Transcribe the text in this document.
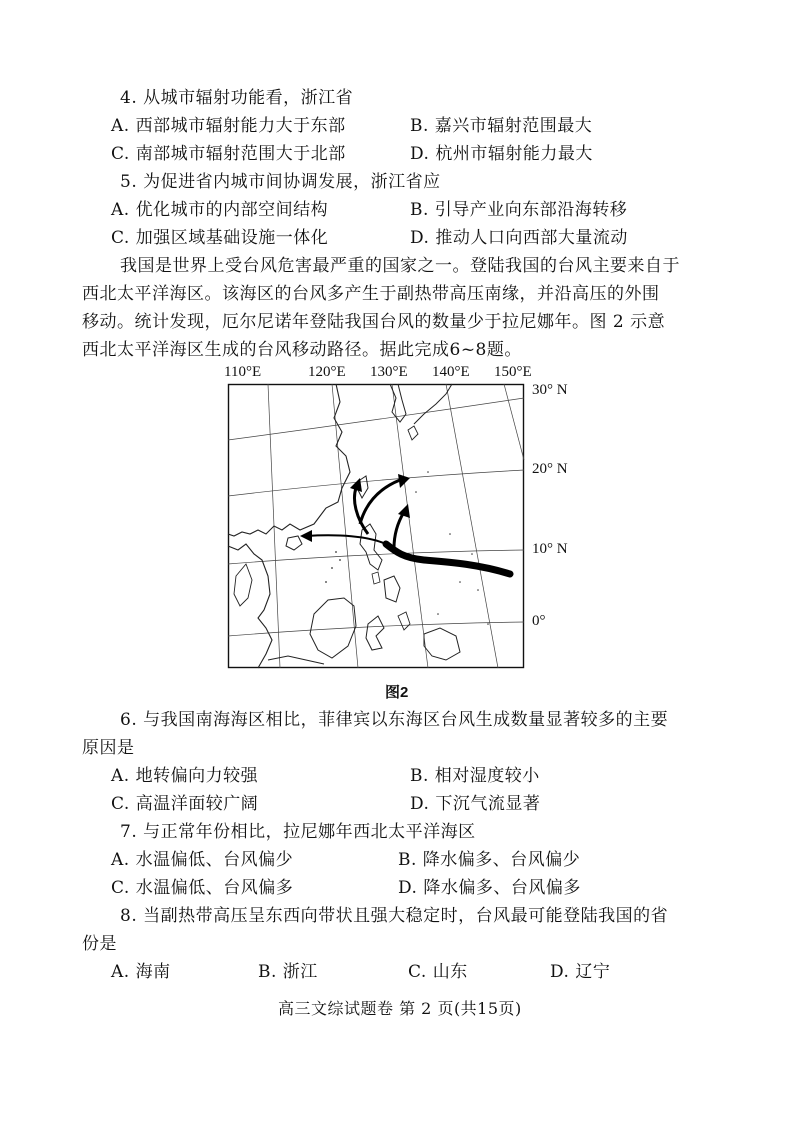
4. 从城市辐射功能看，浙江省
A. 西部城市辐射能力大于东部	B. 嘉兴市辐射范围最大
C. 南部城市辐射范围大于北部	D. 杭州市辐射能力最大
5. 为促进省内城市间协调发展，浙江省应
A. 优化城市的内部空间结构	B. 引导产业向东部沿海转移
C. 加强区域基础设施一体化	D. 推动人口向西部大量流动
我国是世界上受台风危害最严重的国家之一。登陆我国的台风主要来自于
西北太平洋海区。该海区的台风多产生于副热带高压南缘，并沿高压的外围
移动。统计发现，厄尔尼诺年登陆我国台风的数量少于拉尼娜年。图 2 示意
西北太平洋海区生成的台风移动路径。据此完成6~8题。
110°E	120°E 130°E 140°E 150°E
30° N
20° N
10° N
0°
图2
6. 与我国南海海区相比，菲律宾以东海区台风生成数量显著较多的主要
原因是
A. 地转偏向力较强	B. 相对湿度较小
C. 高温洋面较广阔	D. 下沉气流显著
7. 与正常年份相比，拉尼娜年西北太平洋海区
A. 水温偏低、台风偏少	B. 降水偏多、台风偏少
C. 水温偏低、台风偏多	D. 降水偏多、台风偏多
8. 当副热带高压呈东西向带状且强大稳定时，台风最可能登陆我国的省
份是
A. 海南	B. 浙江	C. 山东	D. 辽宁
高三文综试题卷 第 2 页(共15页)
